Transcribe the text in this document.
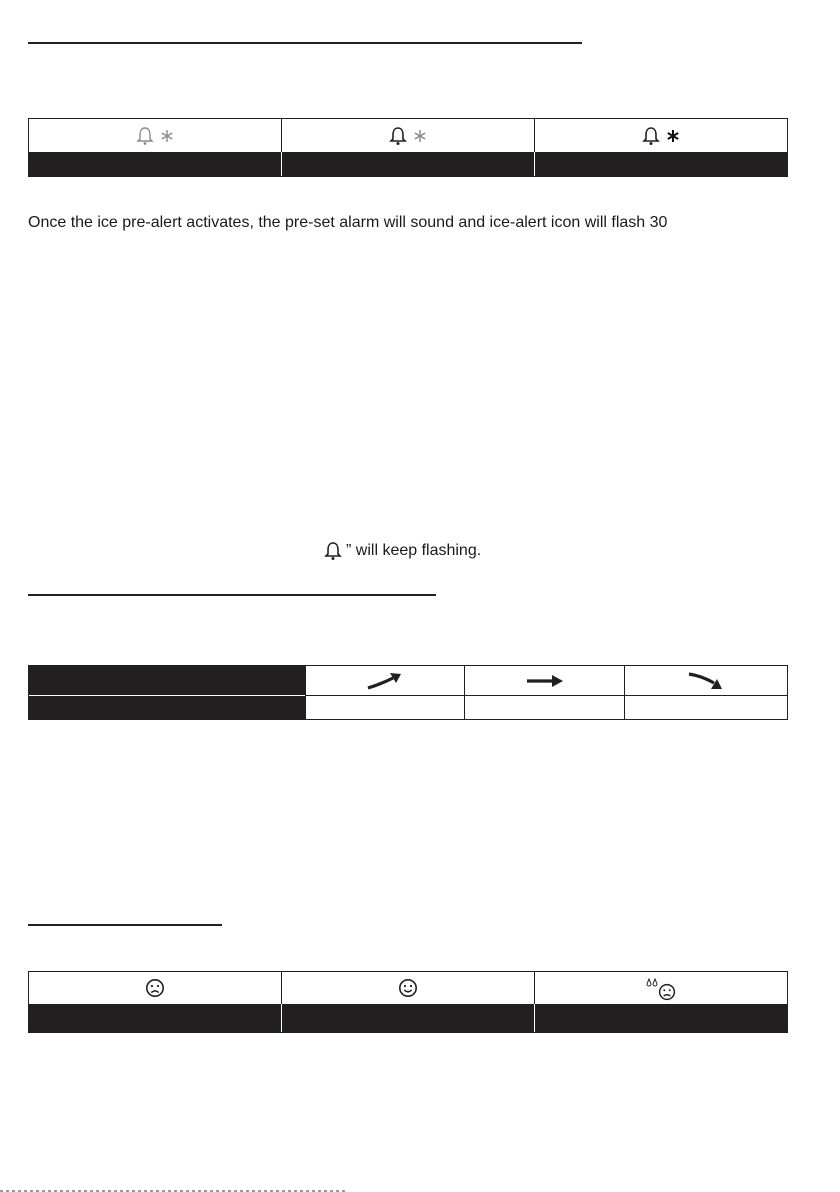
Once the ice pre-alert activates, the pre-set alarm will sound and ice-alert icon will flash 30
” will keep flashing.
